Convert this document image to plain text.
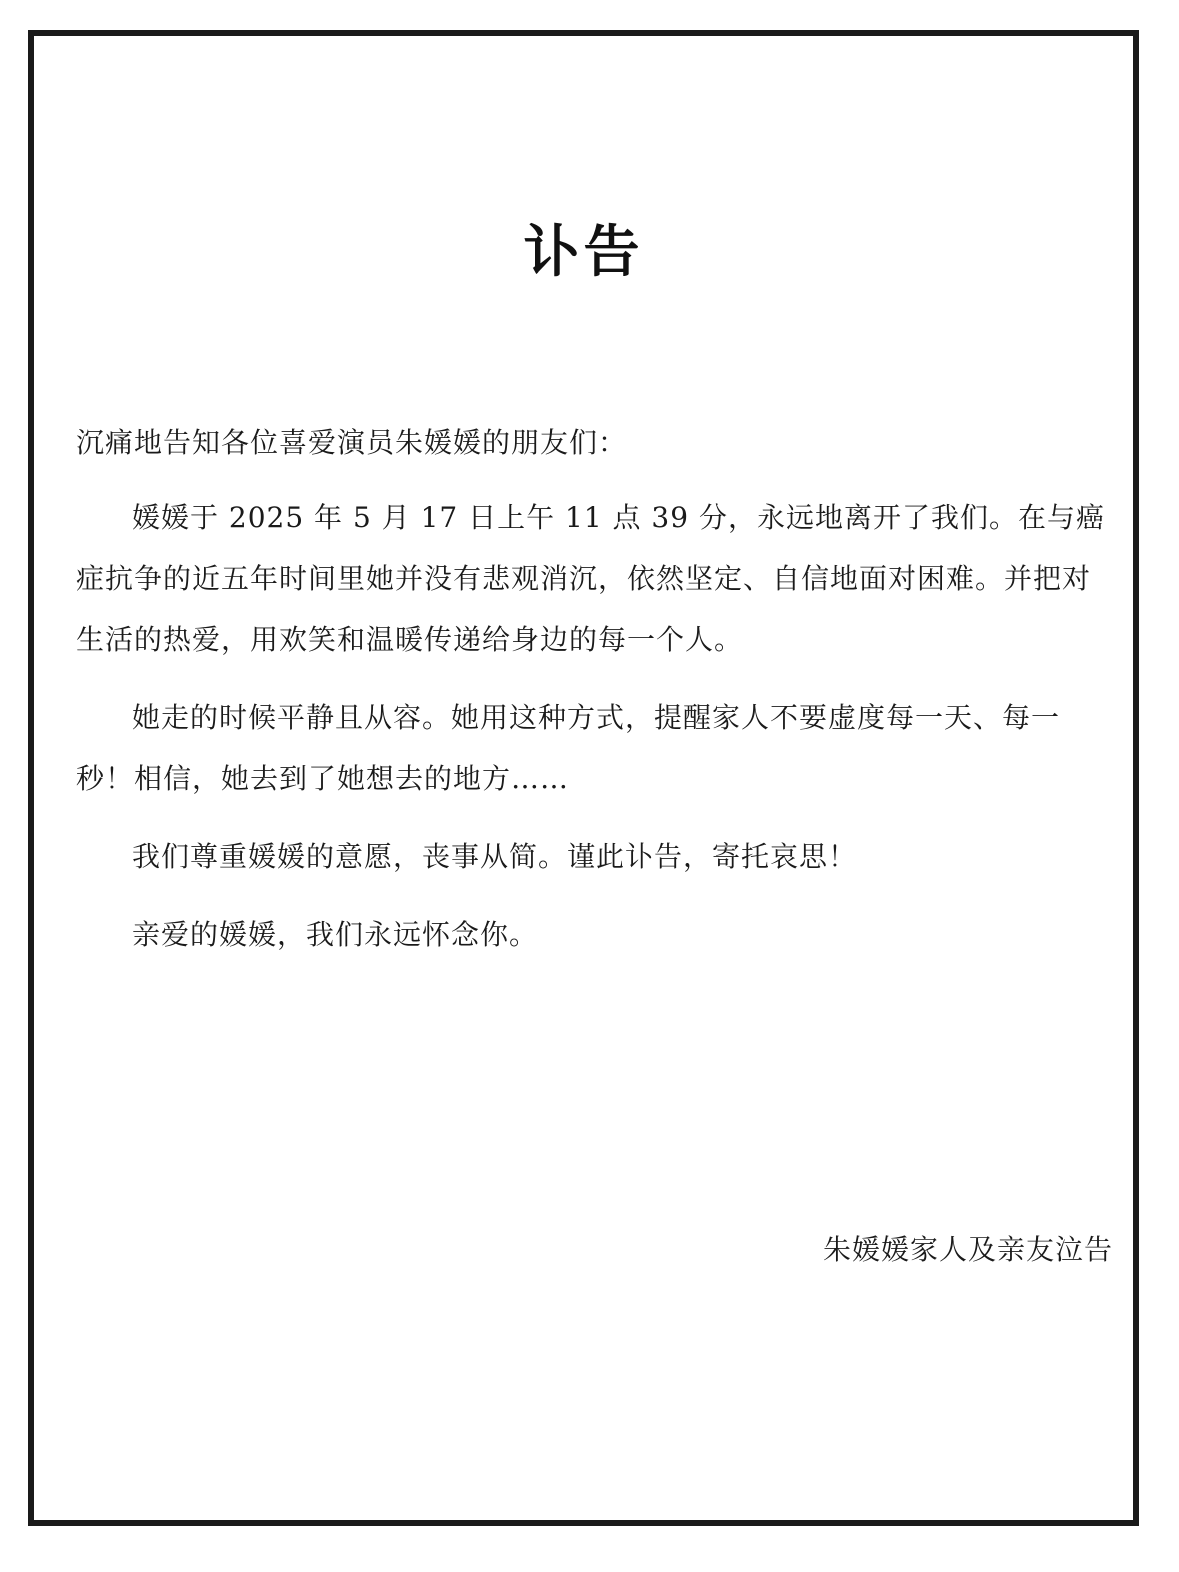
讣告

沉痛地告知各位喜爱演员朱媛媛的朋友们：

媛媛于 2025 年 5 月 17 日上午 11 点 39 分，永远地离开了我们。在与癌症抗争的近五年时间里她并没有悲观消沉，依然坚定、自信地面对困难。并把对生活的热爱，用欢笑和温暖传递给身边的每一个人。

她走的时候平静且从容。她用这种方式，提醒家人不要虚度每一天、每一秒！相信，她去到了她想去的地方……

我们尊重媛媛的意愿，丧事从简。谨此讣告，寄托哀思！

亲爱的媛媛，我们永远怀念你。

朱媛媛家人及亲友泣告
